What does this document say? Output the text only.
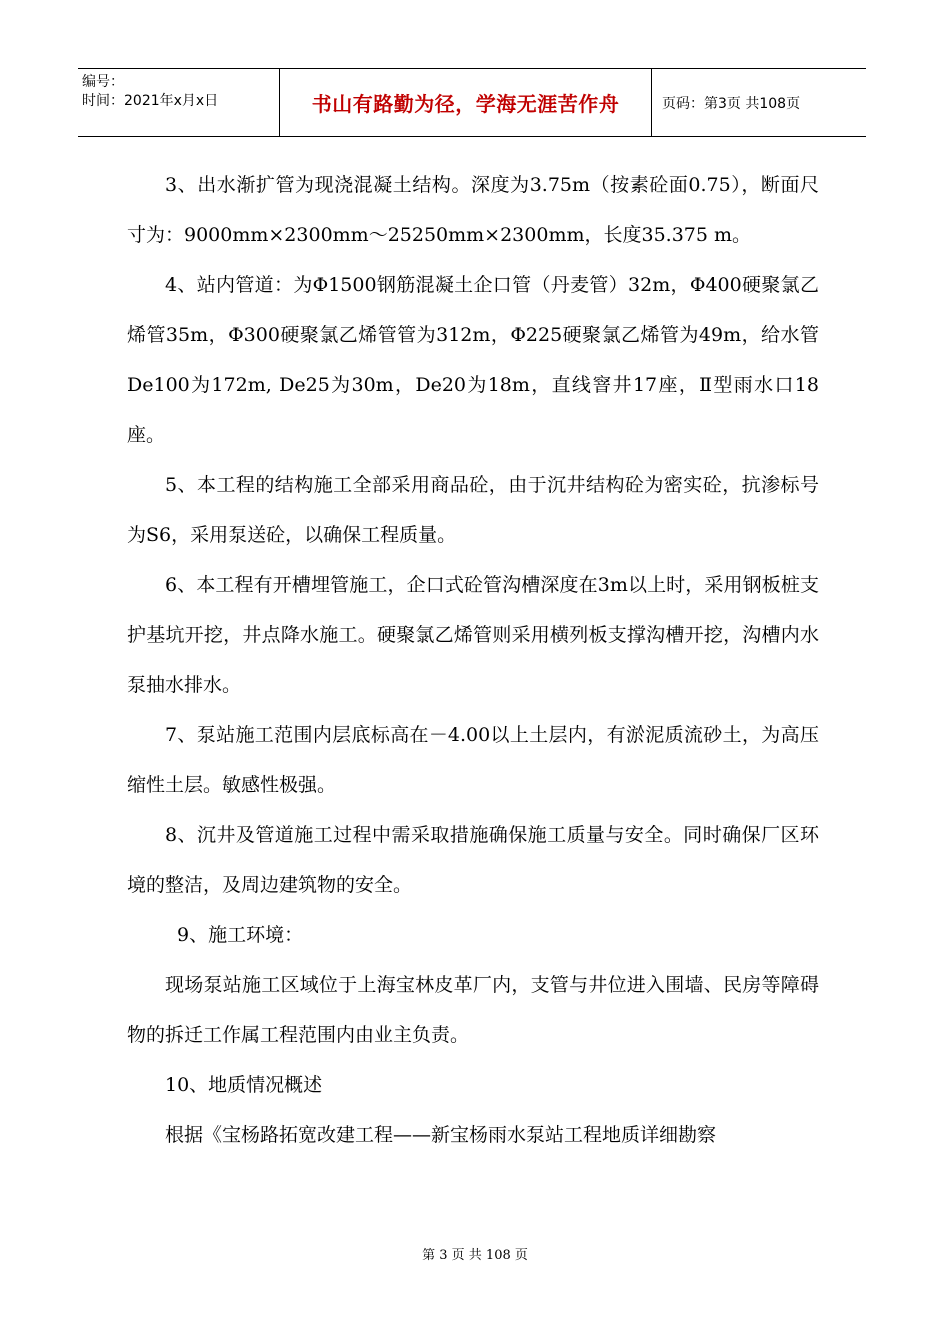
编号：
时间：2021年x月x日	书山有路勤为径，学海无涯苦作舟	页码：第3页 共108页

3、出水渐扩管为现浇混凝土结构。深度为3.75m（按素砼面0.75），断面尺寸为：9000mm×2300mm～25250mm×2300mm，长度35.375 m。

4、站内管道：为Φ1500钢筋混凝土企口管（丹麦管）32m，Φ400硬聚氯乙烯管35m，Φ300硬聚氯乙烯管管为312m，Φ225硬聚氯乙烯管为49m，给水管De100为172m, De25为30m，De20为18m，直线窨井17座，Ⅱ型雨水口18座。

5、本工程的结构施工全部采用商品砼，由于沉井结构砼为密实砼，抗渗标号为S6，采用泵送砼，以确保工程质量。

6、本工程有开槽埋管施工，企口式砼管沟槽深度在3m以上时，采用钢板桩支护基坑开挖，井点降水施工。硬聚氯乙烯管则采用横列板支撑沟槽开挖，沟槽内水泵抽水排水。

7、泵站施工范围内层底标高在－4.00以上土层内，有淤泥质流砂土，为高压缩性土层。敏感性极强。

8、沉井及管道施工过程中需采取措施确保施工质量与安全。同时确保厂区环境的整洁，及周边建筑物的安全。

9、施工环境：

现场泵站施工区域位于上海宝林皮革厂内，支管与井位进入围墙、民房等障碍物的拆迁工作属工程范围内由业主负责。

10、地质情况概述

根据《宝杨路拓宽改建工程——新宝杨雨水泵站工程地质详细勘察

第 3 页 共 108 页
